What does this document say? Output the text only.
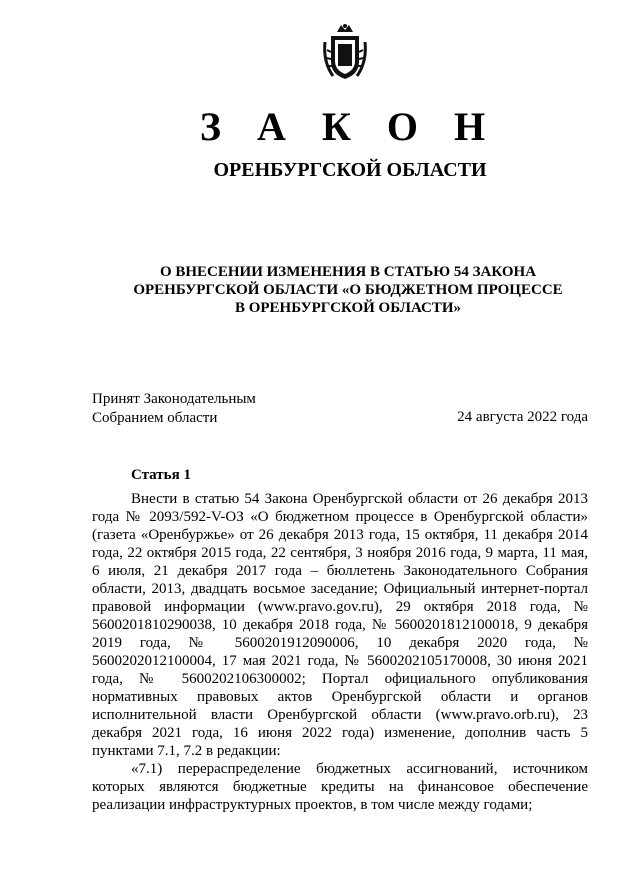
З А К О Н
ОРЕНБУРГСКОЙ ОБЛАСТИ
О ВНЕСЕНИИ ИЗМЕНЕНИЯ В СТАТЬЮ 54 ЗАКОНА
ОРЕНБУРГСКОЙ ОБЛАСТИ «О БЮДЖЕТНОМ ПРОЦЕССЕ
В ОРЕНБУРГСКОЙ ОБЛАСТИ»
Принят Законодательным
Собранием области	24 августа 2022 года
Статья 1

Внести в статью 54 Закона Оренбургской области от 26 декабря 2013 года № 2093/592-V-ОЗ «О бюджетном процессе в Оренбургской области» (газета «Оренбуржье» от 26 декабря 2013 года, 15 октября, 11 декабря 2014 года, 22 октября 2015 года, 22 сентября, 3 ноября 2016 года, 9 марта, 11 мая, 6 июля, 21 декабря 2017 года – бюллетень Законодательного Собрания области, 2013, двадцать восьмое заседание; Официальный интернет-портал правовой информации (www.pravo.gov.ru), 29 октября 2018 года, № 5600201810290038, 10 декабря 2018 года, № 5600201812100018, 9 декабря 2019 года, № 5600201912090006, 10 декабря 2020 года, № 5600202012100004, 17 мая 2021 года, № 5600202105170008, 30 июня 2021 года, № 5600202106300002; Портал официального опубликования нормативных правовых актов Оренбургской области и органов исполнительной власти Оренбургской области (www.pravo.orb.ru), 23 декабря 2021 года, 16 июня 2022 года) изменение, дополнив часть 5 пунктами 7.1, 7.2 в редакции:

«7.1) перераспределение бюджетных ассигнований, источником которых являются бюджетные кредиты на финансовое обеспечение реализации инфраструктурных проектов, в том числе между годами;
